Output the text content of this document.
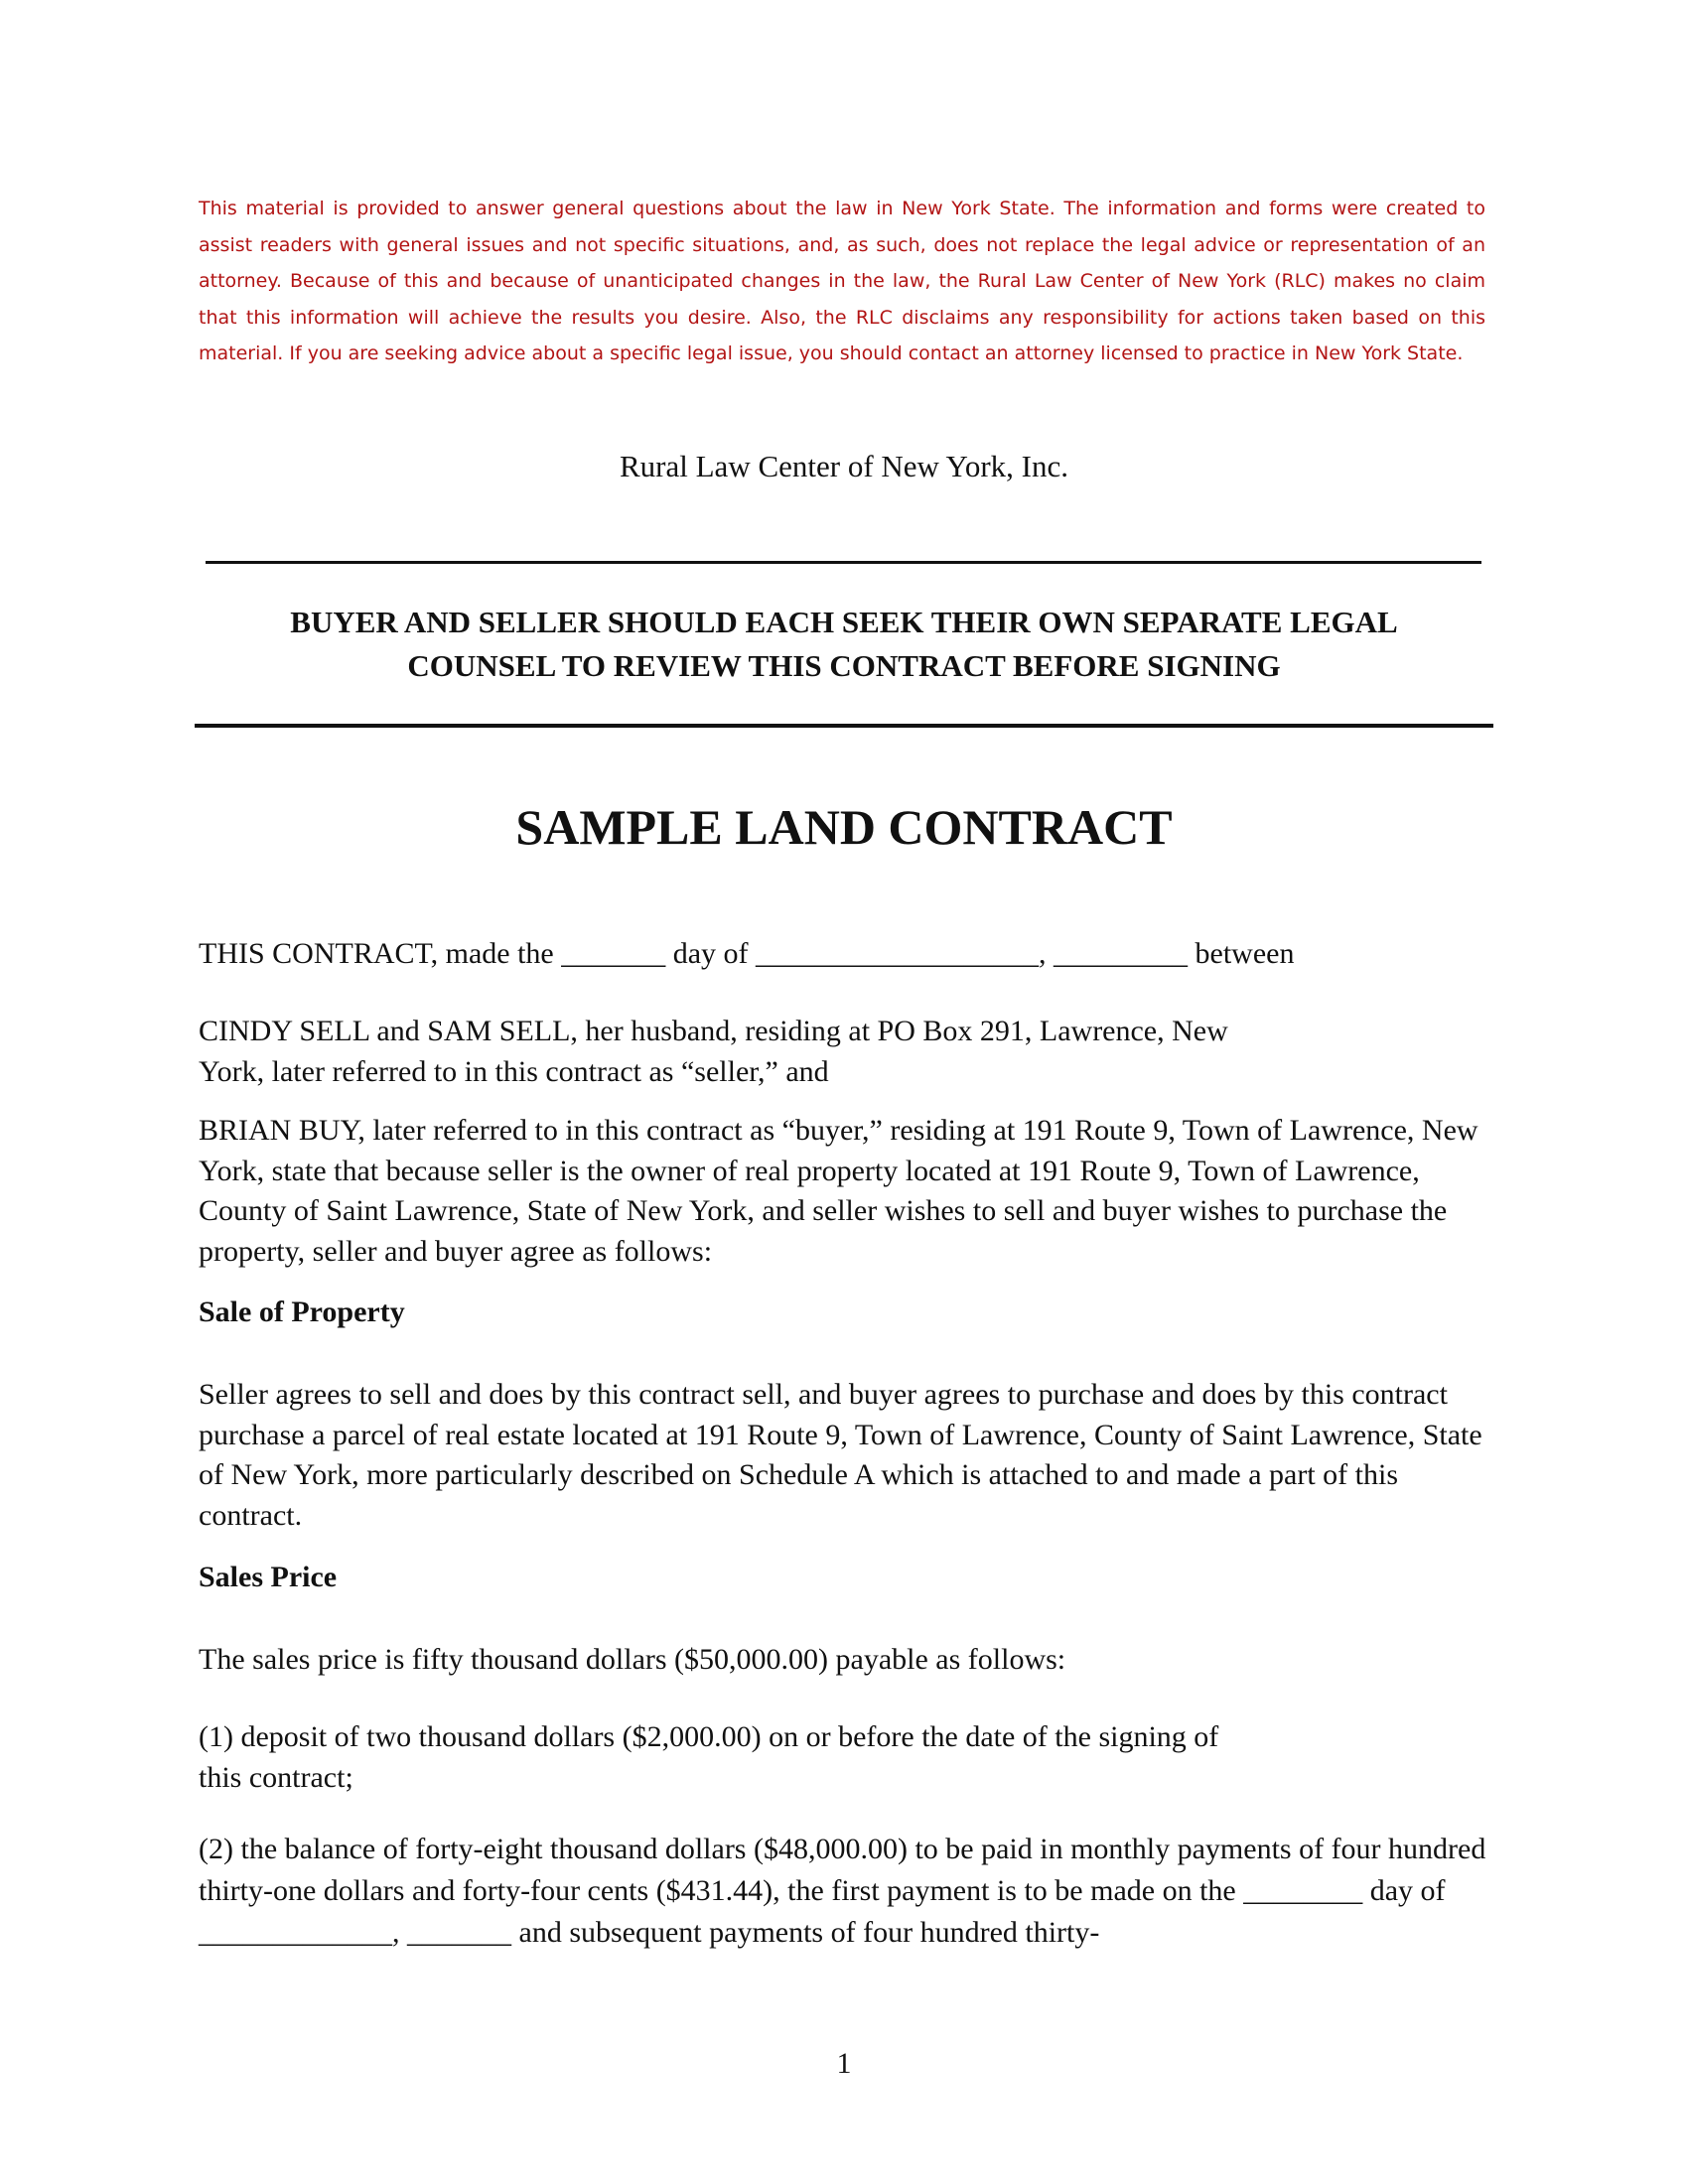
This material is provided to answer general questions about the law in New York State. The information and forms were created to assist readers with general issues and not specific situations, and, as such, does not replace the legal advice or representation of an attorney. Because of this and because of unanticipated changes in the law, the Rural Law Center of New York (RLC) makes no claim that this information will achieve the results you desire. Also, the RLC disclaims any responsibility for actions taken based on this material. If you are seeking advice about a specific legal issue, you should contact an attorney licensed to practice in New York State.

Rural Law Center of New York, Inc.

BUYER AND SELLER SHOULD EACH SEEK THEIR OWN SEPARATE LEGAL
COUNSEL TO REVIEW THIS CONTRACT BEFORE SIGNING
SAMPLE LAND CONTRACT

THIS CONTRACT, made the _______ day of ___________________, _________ between

CINDY SELL and SAM SELL, her husband, residing at PO Box 291, Lawrence, New
York, later referred to in this contract as “seller,” and

BRIAN BUY, later referred to in this contract as “buyer,” residing at 191 Route 9, Town of Lawrence, New York, state that because seller is the owner of real property located at 191 Route 9, Town of Lawrence, County of Saint Lawrence, State of New York, and seller wishes to sell and buyer wishes to purchase the property, seller and buyer agree as follows:

Sale of Property

Seller agrees to sell and does by this contract sell, and buyer agrees to purchase and does by this contract purchase a parcel of real estate located at 191 Route 9, Town of Lawrence, County of Saint Lawrence, State of New York, more particularly described on Schedule A which is attached to and made a part of this contract.

Sales Price

The sales price is fifty thousand dollars ($50,000.00) payable as follows:

(1) deposit of two thousand dollars ($2,000.00) on or before the date of the signing of
this contract;

(2) the balance of forty-eight thousand dollars ($48,000.00) to be paid in monthly payments of four hundred thirty-one dollars and forty-four cents ($431.44), the first payment is to be made on the ________ day of _____________, _______ and subsequent payments of four hundred thirty-

1
